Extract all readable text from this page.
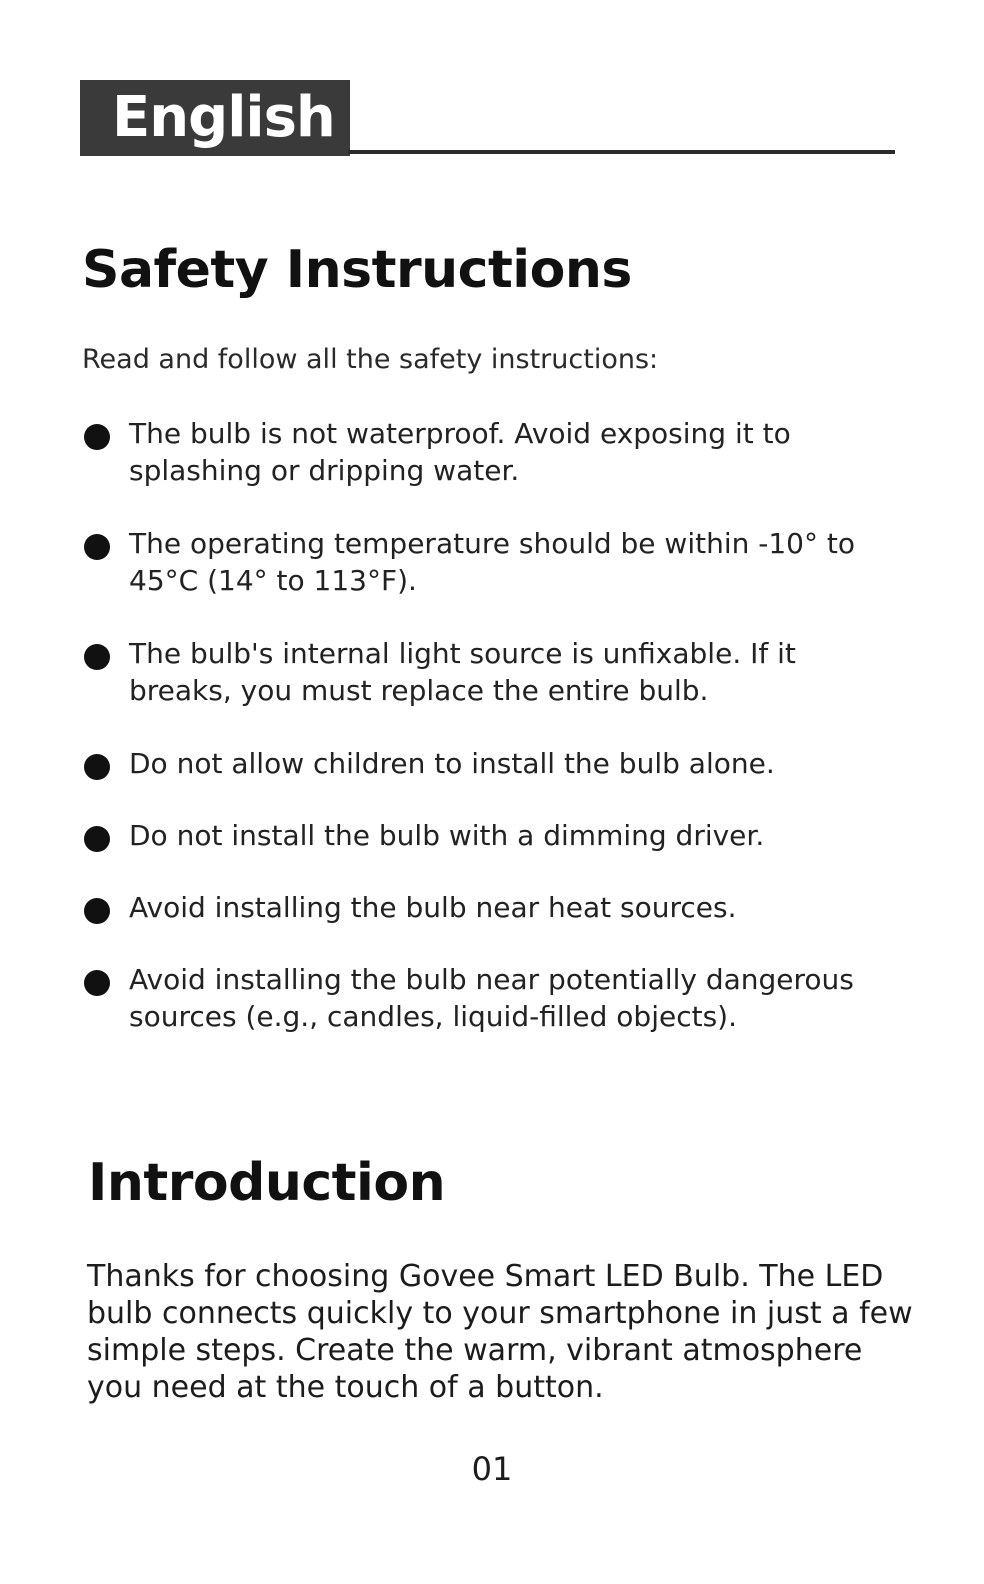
English
Safety Instructions
Read and follow all the safety instructions:
The bulb is not waterproof. Avoid exposing it to splashing or dripping water.
The operating temperature should be within -10° to 45°C (14° to 113°F).
The bulb's internal light source is unfixable. If it breaks, you must replace the entire bulb.
Do not allow children to install the bulb alone.
Do not install the bulb with a dimming driver.
Avoid installing the bulb near heat sources.
Avoid installing the bulb near potentially dangerous sources (e.g., candles, liquid-filled objects).
Introduction

Thanks for choosing Govee Smart LED Bulb. The LED bulb connects quickly to your smartphone in just a few simple steps. Create the warm, vibrant atmosphere you need at the touch of a button.

01
